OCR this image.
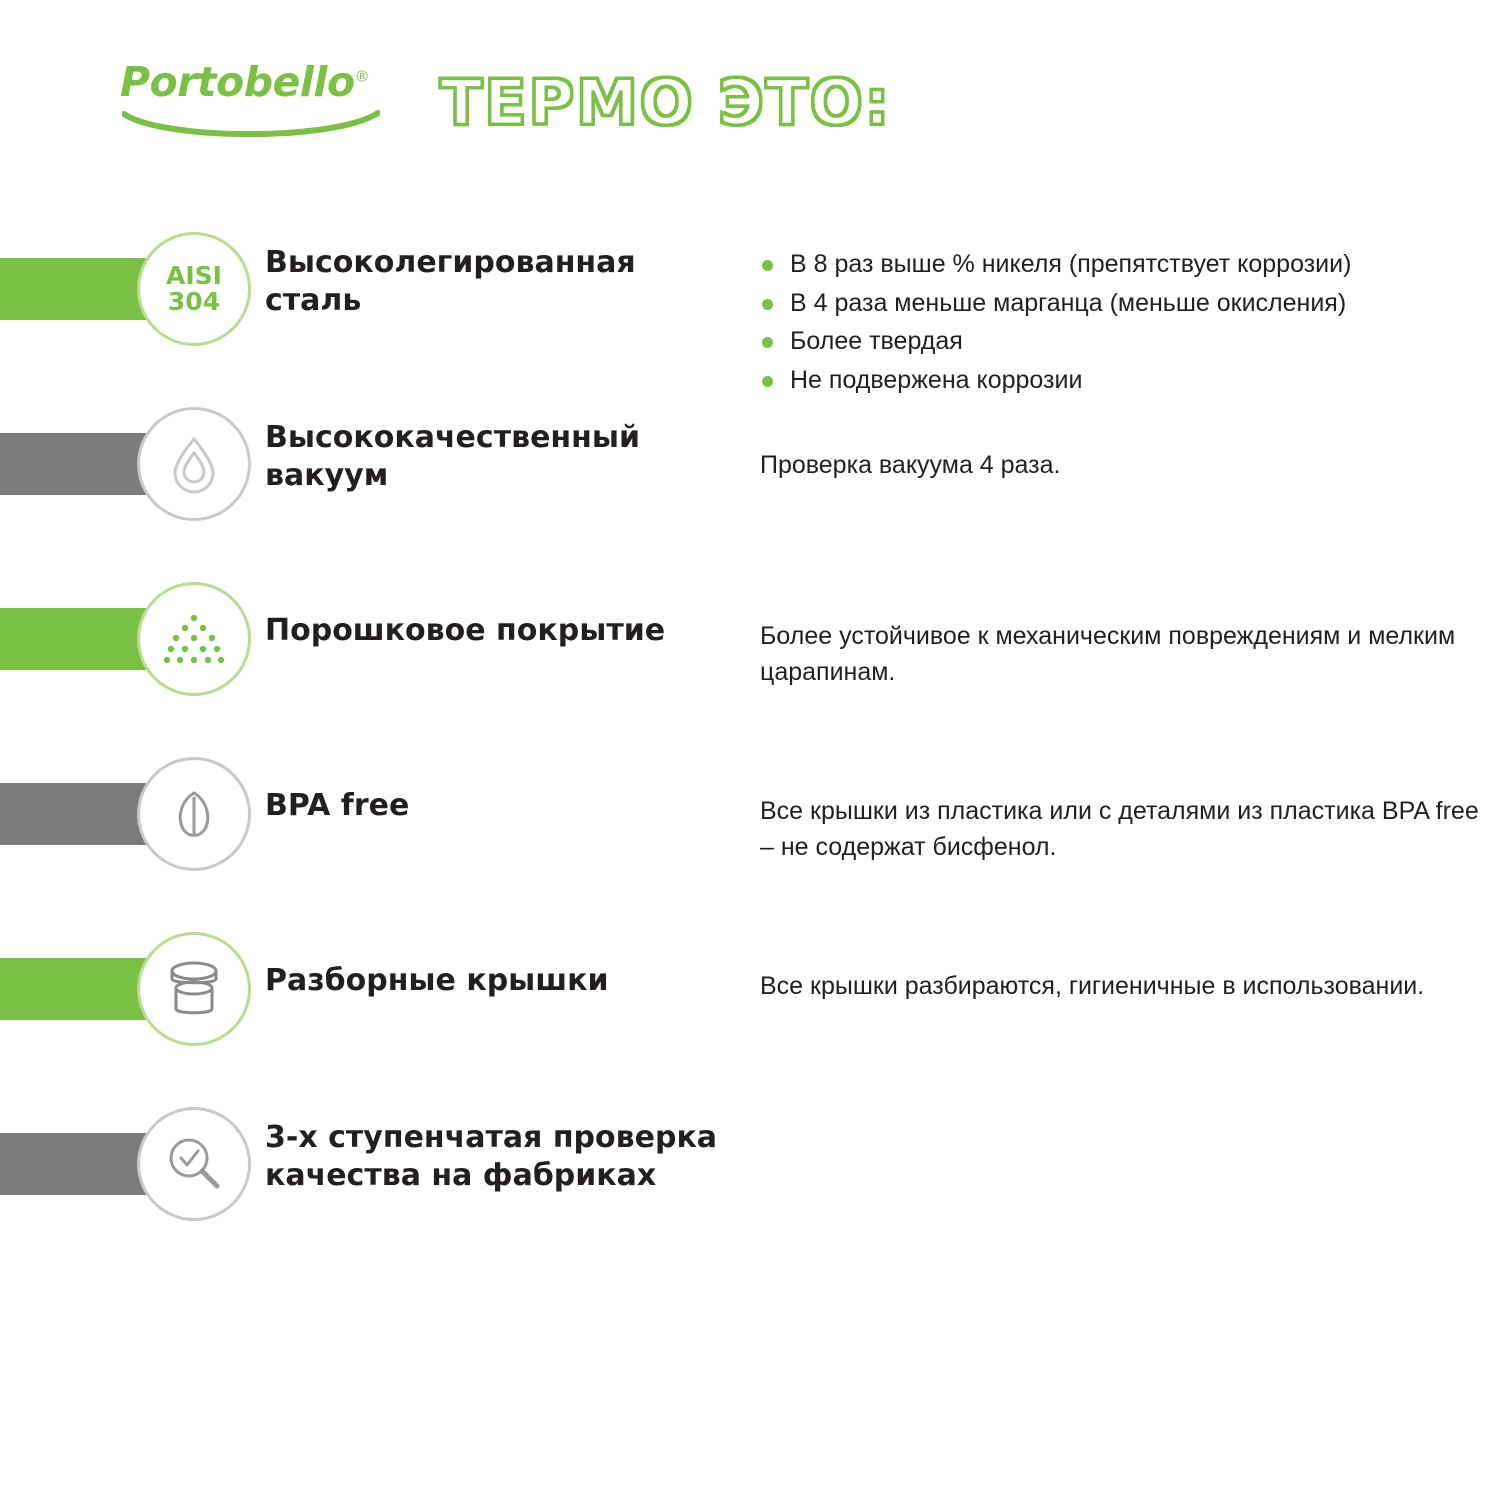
Portobello®	ТЕРМО ЭТО:
AISI
304
Высоколегированная сталь
В 8 раз выше % никеля (препятствует коррозии)
В 4 раза меньше марганца (меньше окисления)
Более твердая
Не подвержена коррозии
Высококачественный вакуум	Проверка вакуума 4 раза.
Порошковое покрытие	Более устойчивое к механическим повреждениям и мелким царапинам.
BPA free	Все крышки из пластика или с деталями из пластика BPA free – не содержат бисфенол.
Разборные крышки	Все крышки разбираются, гигиеничные в использовании.
3-х ступенчатая проверка качества на фабриках
